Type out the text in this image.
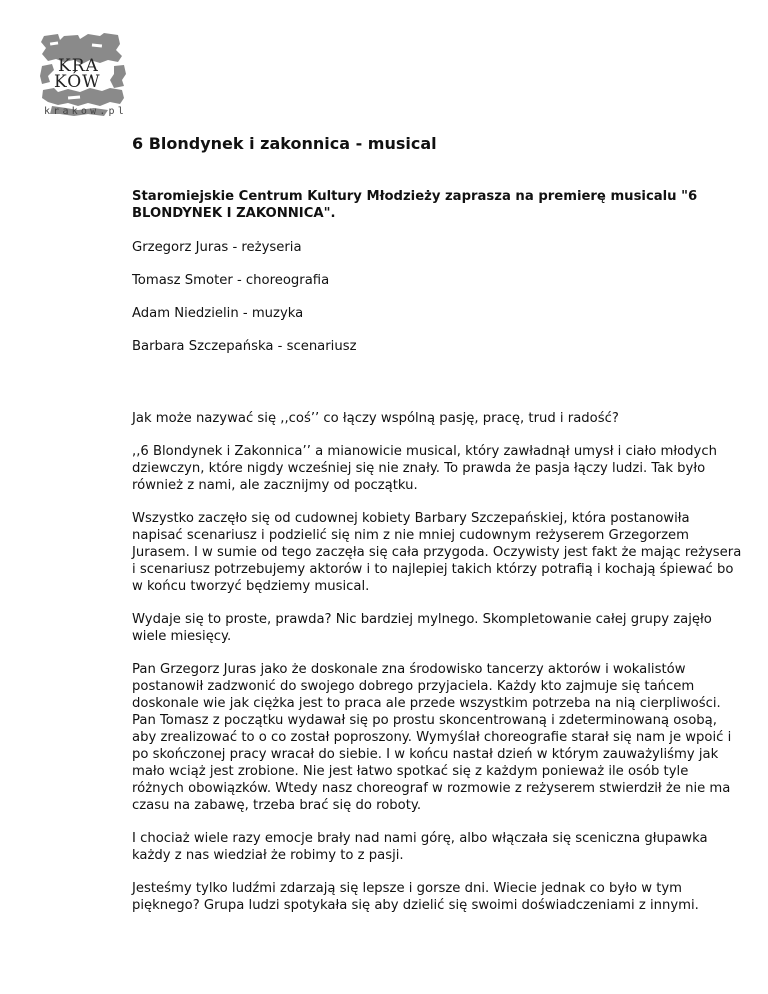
KRA
KÓW
krakow.pl
6 Blondynek i zakonnica - musical

Staromiejskie Centrum Kultury Młodzieży zaprasza na premierę musicalu "6 BLONDYNEK I ZAKONNICA".

Grzegorz Juras - reżyseria

Tomasz Smoter - choreografia

Adam Niedzielin - muzyka

Barbara Szczepańska - scenariusz

Jak może nazywać się ,,coś’’ co łączy wspólną pasję, pracę, trud i radość?

,,6 Blondynek i Zakonnica’’ a mianowicie musical, który zawładnął umysł i ciało młodych dziewczyn, które nigdy wcześniej się nie znały. To prawda że pasja łączy ludzi. Tak było również z nami, ale zacznijmy od początku.

Wszystko zaczęło się od cudownej kobiety Barbary Szczepańskiej, która postanowiła napisać scenariusz i podzielić się nim z nie mniej cudownym reżyserem Grzegorzem Jurasem. I w sumie od tego zaczęła się cała przygoda. Oczywisty jest fakt że mając reżysera i scenariusz potrzebujemy aktorów i to najlepiej takich którzy potrafią i kochają śpiewać bo w końcu tworzyć będziemy musical.

Wydaje się to proste, prawda? Nic bardziej mylnego. Skompletowanie całej grupy zajęło wiele miesięcy.

Pan Grzegorz Juras jako że doskonale zna środowisko tancerzy aktorów i wokalistów postanowił zadzwonić do swojego dobrego przyjaciela. Każdy kto zajmuje się tańcem doskonale wie jak ciężka jest to praca ale przede wszystkim potrzeba na nią cierpliwości. Pan Tomasz z początku wydawał się po prostu skoncentrowaną i zdeterminowaną osobą, aby zrealizować to o co został poproszony. Wymyślał choreografie starał się nam je wpoić i po skończonej pracy wracał do siebie. I w końcu nastał dzień w którym zauważyliśmy jak mało wciąż jest zrobione. Nie jest łatwo spotkać się z każdym ponieważ ile osób tyle różnych obowiązków. Wtedy nasz choreograf w rozmowie z reżyserem stwierdził że nie ma czasu na zabawę, trzeba brać się do roboty.

I chociaż wiele razy emocje brały nad nami górę, albo włączała się sceniczna głupawka każdy z nas wiedział że robimy to z pasji.

Jesteśmy tylko ludźmi zdarzają się lepsze i gorsze dni. Wiecie jednak co było w tym pięknego? Grupa ludzi spotykała się aby dzielić się swoimi doświadczeniami z innymi.
